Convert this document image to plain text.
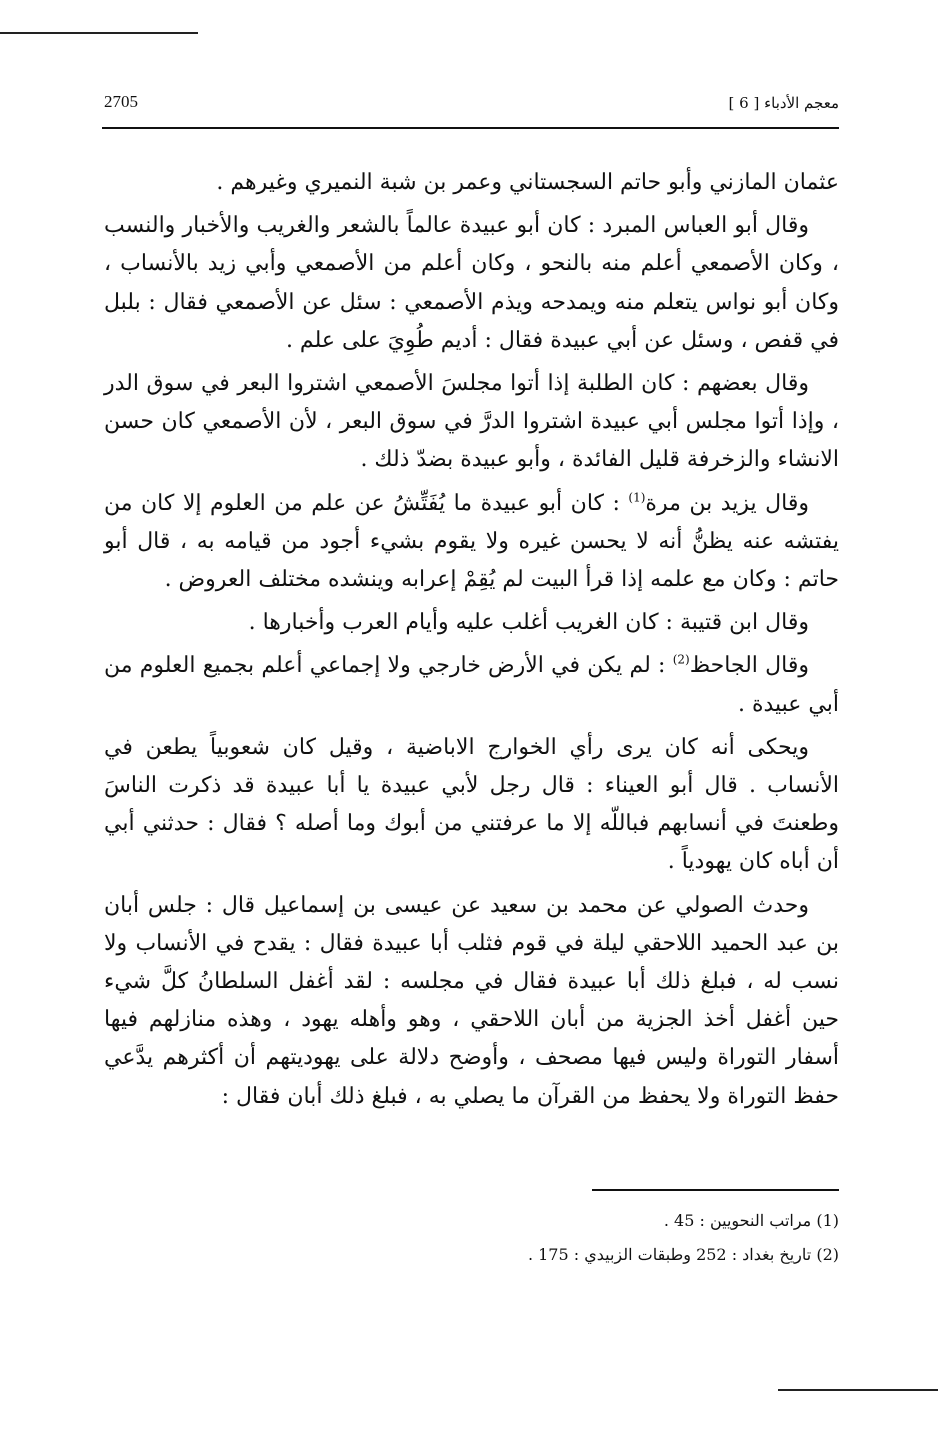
معجم الأدباء [ 6 ]
2705

عثمان المازني وأبو حاتم السجستاني وعمر بن شبة النميري وغيرهم .

وقال أبو العباس المبرد : كان أبو عبيدة عالماً بالشعر والغريب والأخبار والنسب ، وكان الأصمعي أعلم منه بالنحو ، وكان أعلم من الأصمعي وأبي زيد بالأنساب ، وكان أبو نواس يتعلم منه ويمدحه ويذم الأصمعي : سئل عن الأصمعي فقال : بلبل في قفص ، وسئل عن أبي عبيدة فقال : أديم طُوِيَ على علم .

وقال بعضهم : كان الطلبة إذا أتوا مجلسَ الأصمعي اشتروا البعر في سوق الدر ، وإذا أتوا مجلس أبي عبيدة اشتروا الدرَّ في سوق البعر ، لأن الأصمعي كان حسن الانشاء والزخرفة قليل الفائدة ، وأبو عبيدة بضدّ ذلك .

وقال يزيد بن مرة$^{(1)}$ : كان أبو عبيدة ما يُفَتِّشُ عن علم من العلوم إلا كان من يفتشه عنه يظنُّ أنه لا يحسن غيره ولا يقوم بشيء أجود من قيامه به ، قال أبو حاتم : وكان مع علمه إذا قرأ البيت لم يُقِمْ إعرابه وينشده مختلف العروض .

وقال ابن قتيبة : كان الغريب أغلب عليه وأيام العرب وأخبارها .

وقال الجاحظ$^{(2)}$ : لم يكن في الأرض خارجي ولا إجماعي أعلم بجميع العلوم من أبي عبيدة .

ويحكى أنه كان يرى رأي الخوارج الاباضية ، وقيل كان شعوبياً يطعن في الأنساب . قال أبو العيناء : قال رجل لأبي عبيدة يا أبا عبيدة قد ذكرت الناسَ وطعنتَ في أنسابهم فباللّه إلا ما عرفتني من أبوك وما أصله ؟ فقال : حدثني أبي أن أباه كان يهودياً .

وحدث الصولي عن محمد بن سعيد عن عيسى بن إسماعيل قال : جلس أبان بن عبد الحميد اللاحقي ليلة في قوم فثلب أبا عبيدة فقال : يقدح في الأنساب ولا نسب له ، فبلغ ذلك أبا عبيدة فقال في مجلسه : لقد أغفل السلطانُ كلَّ شيء حين أغفل أخذ الجزية من أبان اللاحقي ، وهو وأهله يهود ، وهذه منازلهم فيها أسفار التوراة وليس فيها مصحف ، وأوضح دلالة على يهوديتهم أن أكثرهم يدَّعي حفظ التوراة ولا يحفظ من القرآن ما يصلي به ، فبلغ ذلك أبان فقال :

(1) مراتب النحويين : 45 .
(2) تاريخ بغداد : 252 وطبقات الزبيدي : 175 .
